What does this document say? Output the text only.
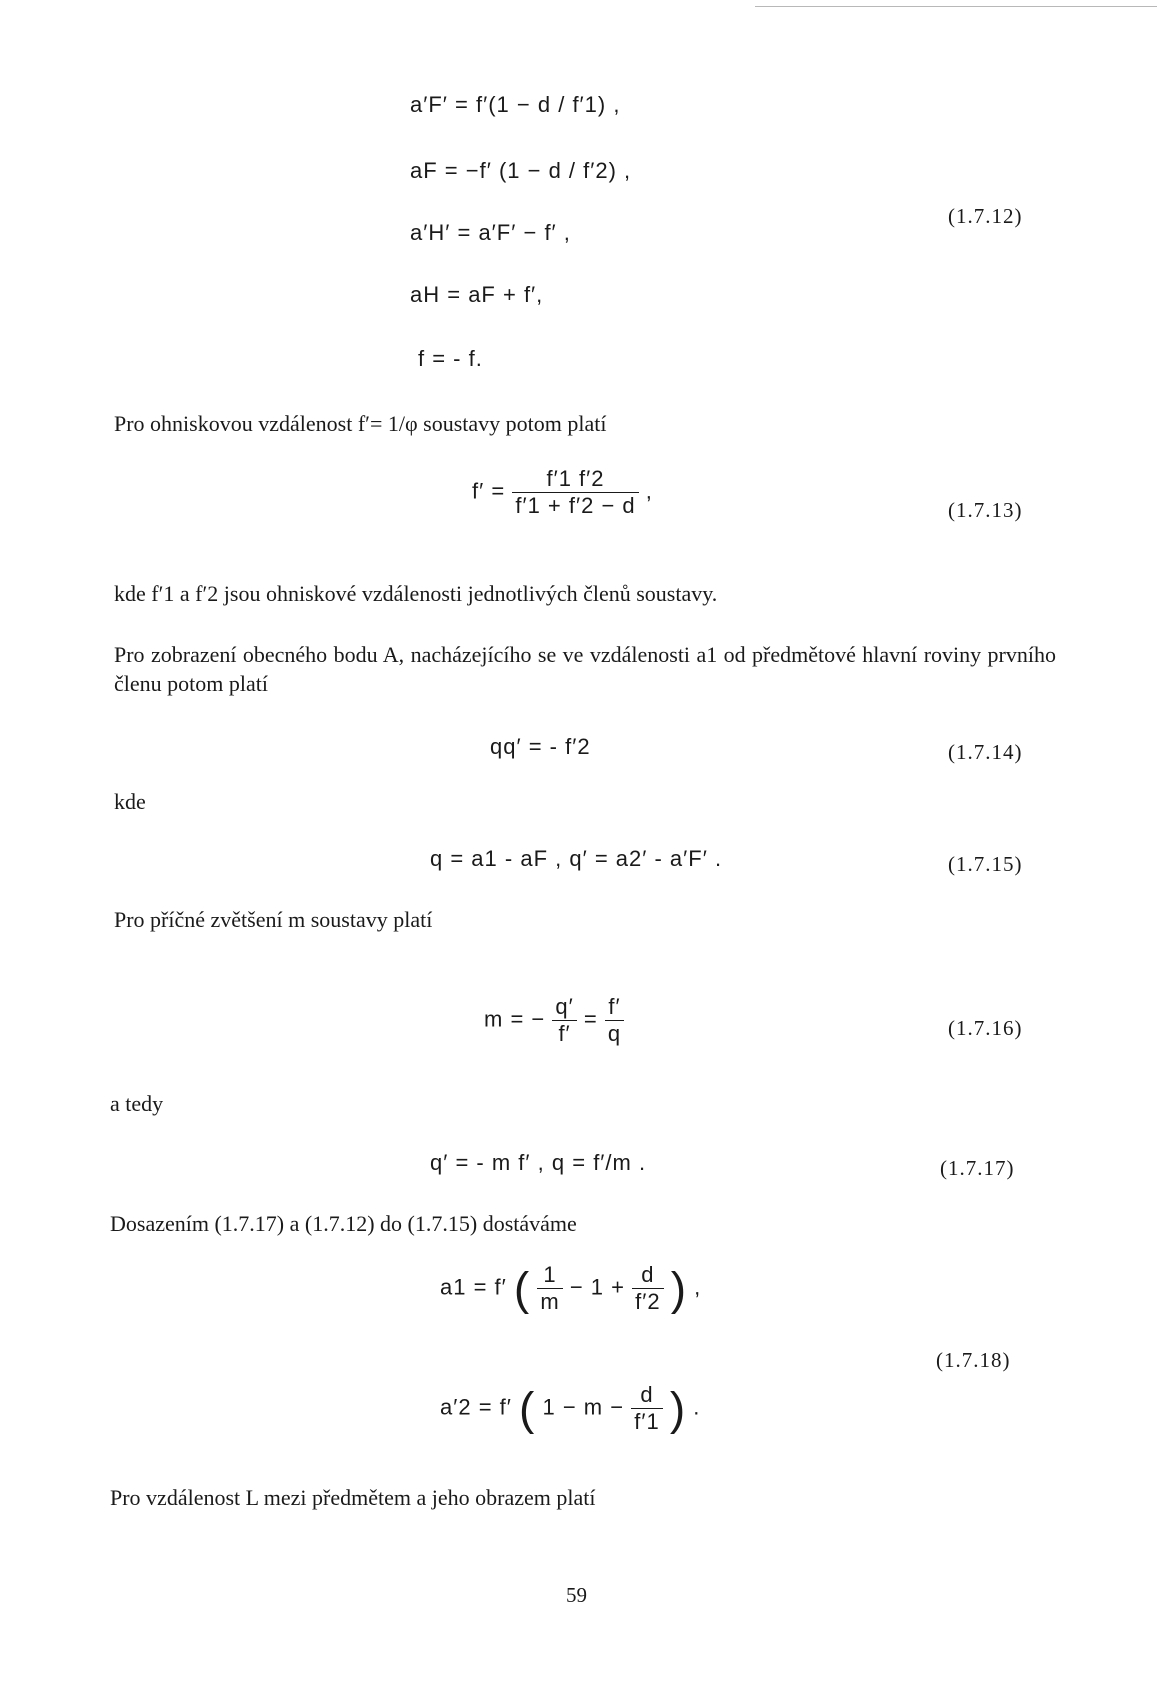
a′F′ = f′(1 − d / f′1) ,
aF = −f′ (1 − d / f′2) ,
a′H′ = a′F′ − f′ ,
aH = aF + f′,
f = - f.
(1.7.12)
Pro ohniskovou vzdálenost f′= 1/φ soustavy potom platí
$f' = \frac{f'1 f'2}{f'1 + f'2 - d}$ ,
(1.7.13)
kde f′1 a f′2 jsou ohniskové vzdálenosti jednotlivých členů soustavy.
Pro zobrazení obecného bodu A, nacházejícího se ve vzdálenosti a1 od předmětové hlavní roviny prvního členu potom platí
qq′ = - f′2	(1.7.14)
kde
q = a1 - aF , q′ = a2′ - a′F′ .	(1.7.15)
Pro příčné zvětšení m soustavy platí
m = − $\frac{q'}{f'} = \frac{f'}{q}$	(1.7.16)
a tedy
q′ = - m f′ , q = f′/m .	(1.7.17)
Dosazením (1.7.17) a (1.7.12) do (1.7.15) dostáváme
a1 = f′ ( $\frac{1}{m} - 1 + \frac{d}{f'2}$ ) ,
a′2 = f′ ( $1 - m - \frac{d}{f'1}$ ) .
(1.7.18)
Pro vzdálenost L mezi předmětem a jeho obrazem platí
59
